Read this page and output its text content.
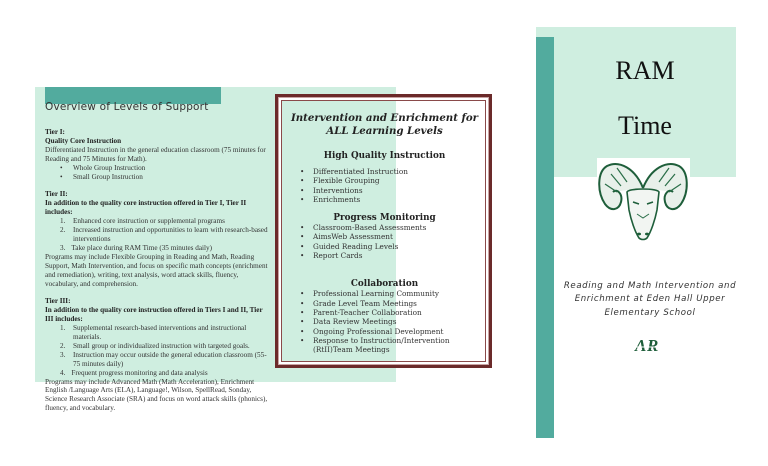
Overview of Levels of Support

Tier I:

Quality Core Instruction

Differentiated Instruction in the general education classroom (75 minutes for Reading and 75 Minutes for Math).

• Whole Group Instruction
• Small Group Instruction

Tier II:

In addition to the quality core instruction offered in Tier I, Tier II includes:

1. Enhanced core instruction or supplemental programs
2. Increased instruction and opportunities to learn with research-based interventions
3. Take place during RAM Time (35 minutes daily)

Programs may include Flexible Grouping in Reading and Math, Reading Support, Math Intervention, and focus on specific math concepts (enrichment and remediation), writing, text analysis, word attack skills, fluency, vocabulary, and comprehension.

Tier III:

In addition to the quality core instruction offered in Tiers I and II, Tier III includes:

1. Supplemental research-based interventions and instructional materials.
2. Small group or individualized instruction with targeted goals.
3. Instruction may occur outside the general education classroom (55-75 minutes daily)
4. Frequent progress monitoring and data analysis

Programs may include Advanced Math (Math Acceleration), Enrichment English /Language Arts (ELA), Language!, Wilson, SpellRead, Sonday, Science Research Associate (SRA) and focus on word attack skills (phonics), fluency, and vocabulary.

Intervention and Enrichment for ALL Learning Levels
High Quality Instruction
• Differentiated Instruction
• Flexible Grouping
• Interventions
• Enrichments
Progress Monitoring
• Classroom-Based Assessments
• AimsWeb Assessment
• Guided Reading Levels
• Report Cards
Collaboration
• Professional Learning Community
• Grade Level Team Meetings
• Parent-Teacher Collaboration
• Data Review Meetings
• Ongoing Professional Development
• Response to Instruction/Intervention (RtII)Team Meetings
RAM
Time
Reading and Math Intervention and Enrichment at Eden Hall Upper Elementary School
A R
